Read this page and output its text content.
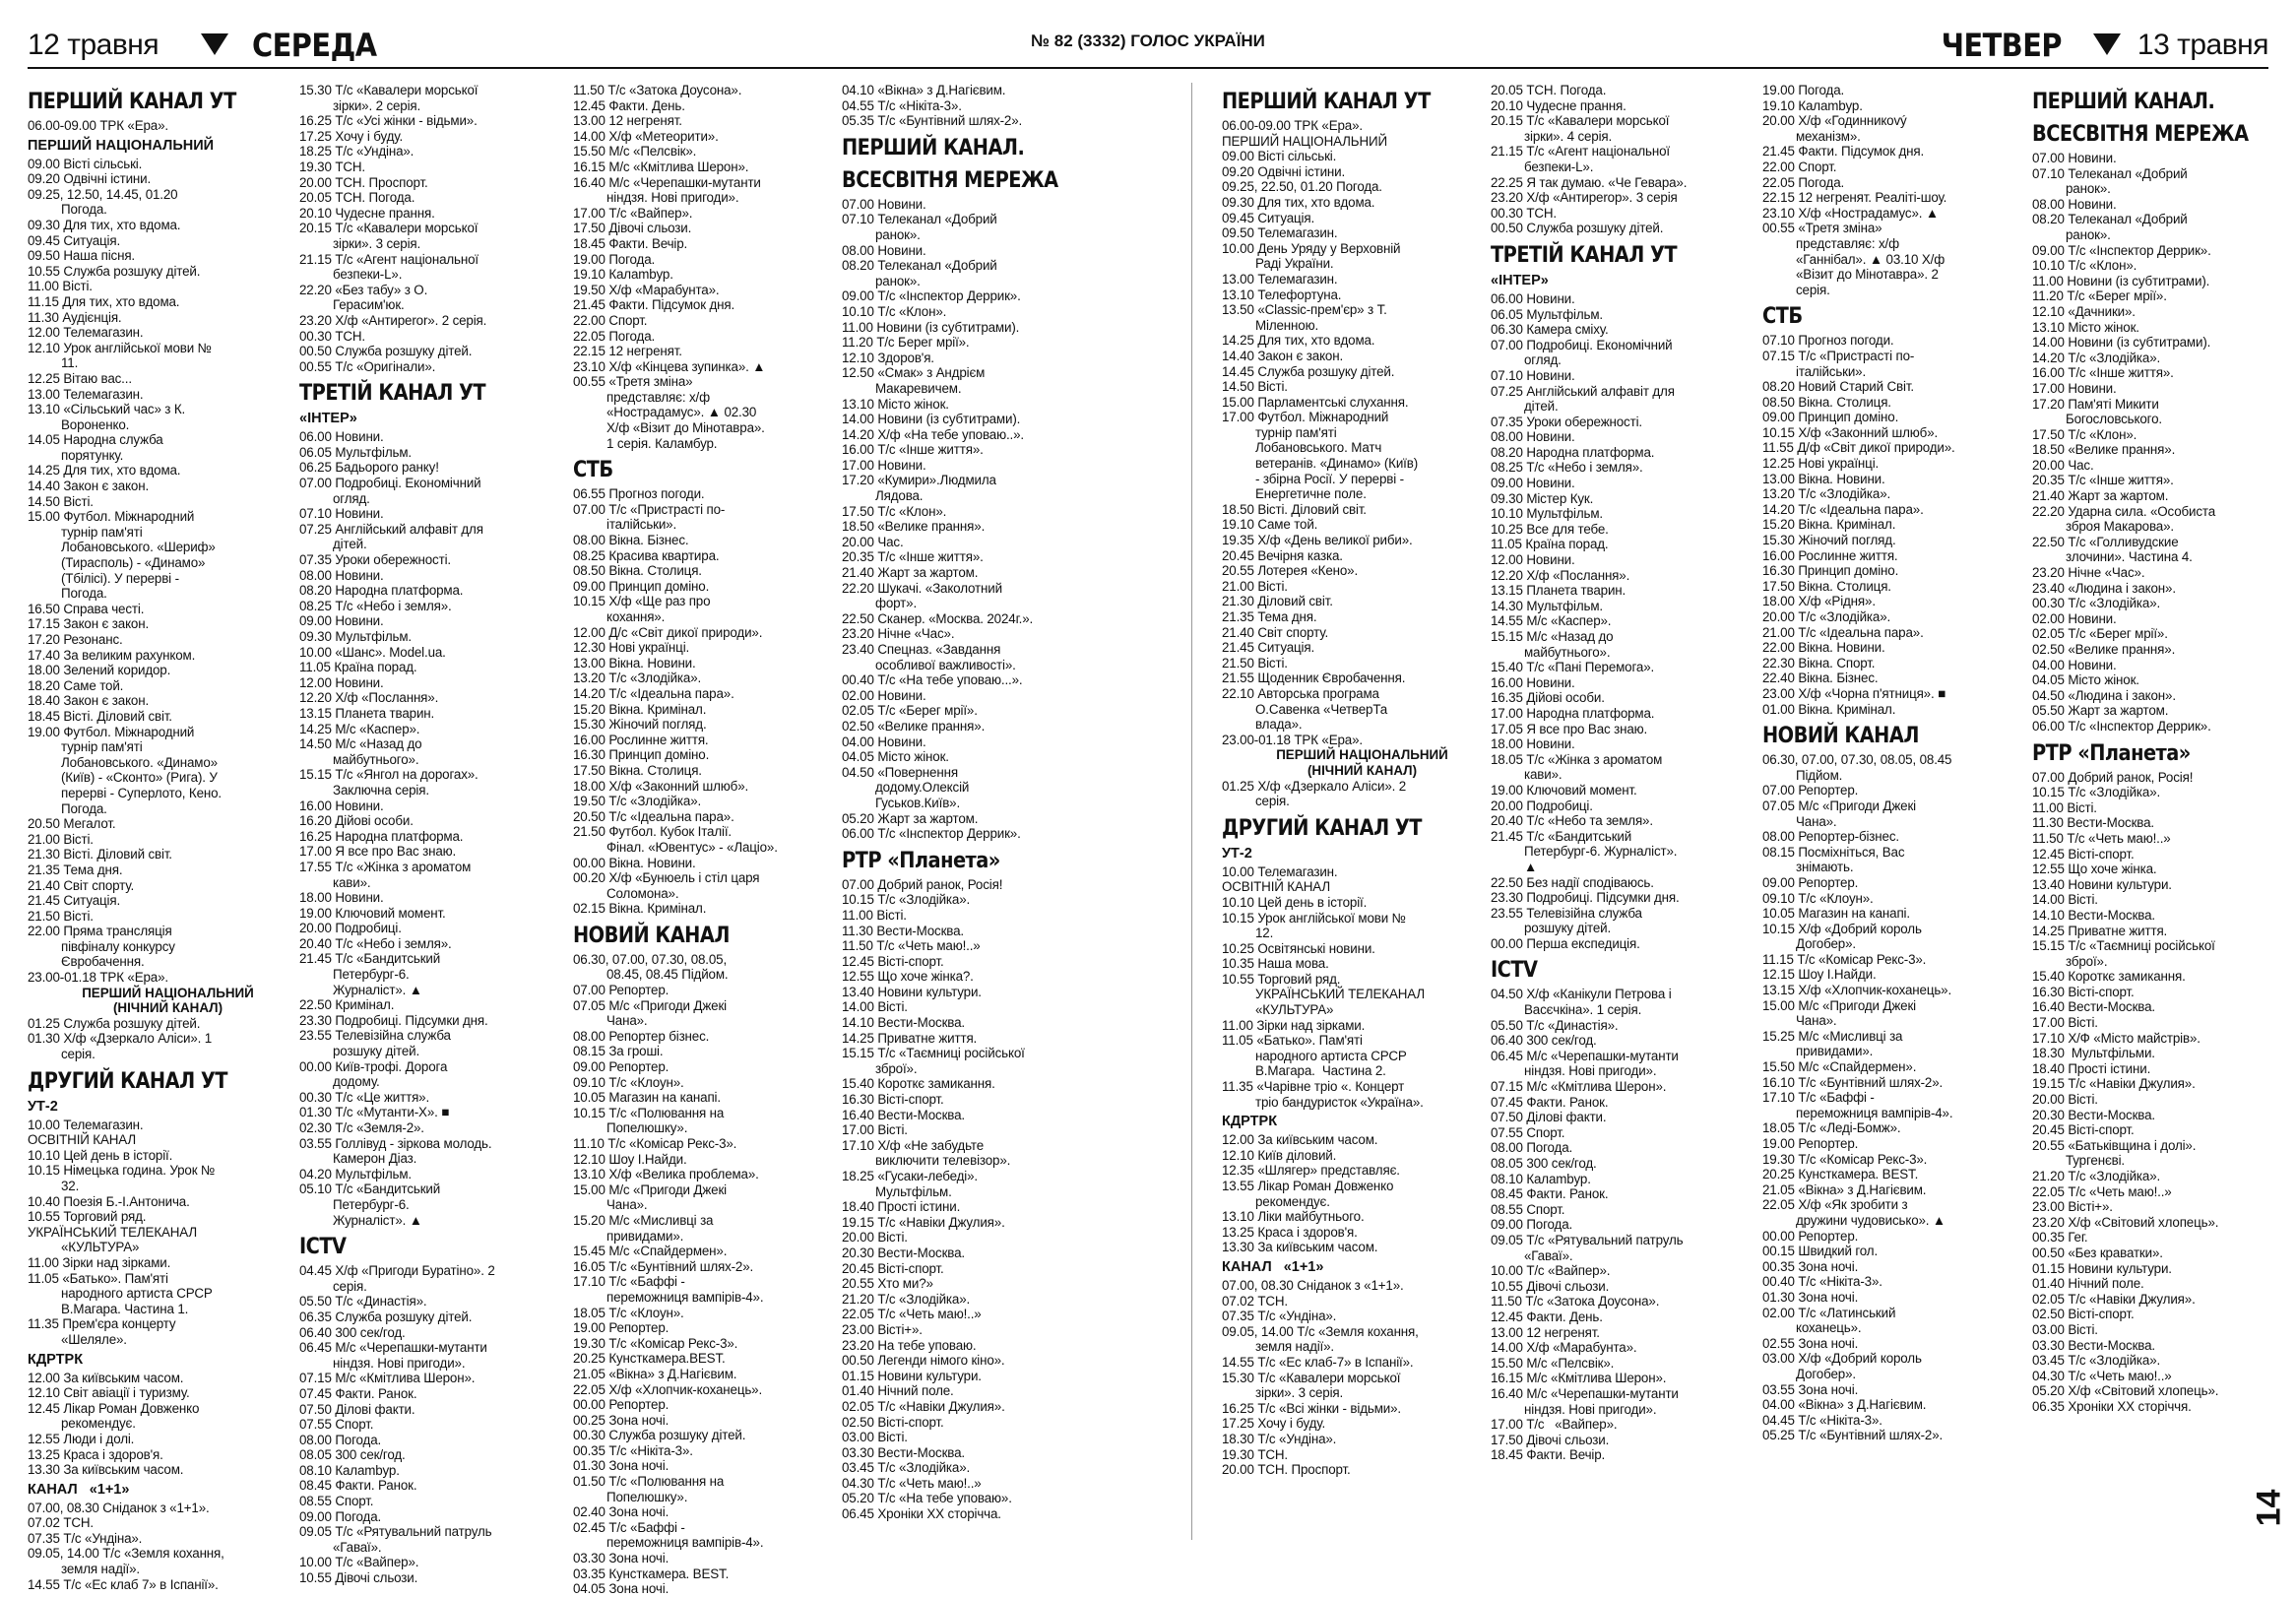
12 травня	СЕРЕДА	№ 82 (3332) ГОЛОС УКРАЇНИ	ЧЕТВЕР	13 травня
ПЕРШИЙ КАНАЛ УТ
06.00-09.00 ТРК «Ера».
ПЕРШИЙ НАЦІОНАЛЬНИЙ
09.00 Вісті сільські.
09.20 Одвічні істини.
09.25, 12.50, 14.45, 01.20
Погода.
09.30 Для тих, хто вдома.
09.45 Ситуація.
09.50 Наша пісня.
10.55 Служба розшуку дітей.
11.00 Вісті.
11.15 Для тих, хто вдома.
11.30 Аудієнція.
12.00 Телемагазин.
12.10 Урок англійської мови №
11.
12.25 Вітаю вас...
13.00 Телемагазин.
13.10 «Сільський час» з К.
Вороненко.
14.05 Народна служба
порятунку.
14.25 Для тих, хто вдома.
14.40 Закон є закон.
14.50 Вісті.
15.00 Футбол. Міжнародний
турнір пам'яті
Лобановського. «Шериф»
(Тирасполь) - «Динамо»
(Тбілісі). У перерві -
Погода.
16.50 Справа честі.
17.15 Закон є закон.
17.20 Резонанс.
17.40 За великим рахунком.
18.00 Зелений коридор.
18.20 Саме той.
18.40 Закон є закон.
18.45 Вісті. Діловий світ.
19.00 Футбол. Міжнародний
турнір пам'яті
Лобановського. «Динамо»
(Київ) - «Сконто» (Рига). У
перерві - Суперлото, Кено.
Погода.
20.50 Мегалот.
21.00 Вісті.
21.30 Вісті. Діловий світ.
21.35 Тема дня.
21.40 Світ спорту.
21.45 Ситуація.
21.50 Вісті.
22.00 Пряма трансляція
півфіналу конкурсу
Євробачення.
23.00-01.18 ТРК «Ера».
ПЕРШИЙ НАЦІОНАЛЬНИЙ
(НІЧНИЙ КАНАЛ)
01.25 Служба розшуку дітей.
01.30 Х/ф «Дзеркало Аліси». 1
серія.
ДРУГИЙ КАНАЛ УТ
УТ-2
10.00 Телемагазин.
ОСВІТНІЙ КАНАЛ
10.10 Цей день в історії.
10.15 Німецька година. Урок №
32.
10.40 Поезія Б.-І.Антонича.
10.55 Торговий ряд.
УКРАЇНСЬКИЙ ТЕЛЕКАНАЛ
«КУЛЬТУРА»
11.00 Зірки над зірками.
11.05 «Батько». Пам'яті
народного артиста СРСР
В.Магара. Частина 1.
11.35 Прем'єра концерту
«Шеляле».
КДРТРК
12.00 За київським часом.
12.10 Світ авіації і туризму.
12.45 Лікар Роман Довженко
рекомендує.
12.55 Люди і долі.
13.25 Краса і здоров'я.
13.30 За київським часом.
КАНАЛ   «1+1»
07.00, 08.30 Сніданок з «1+1».
07.02 ТСН.
07.35 Т/с «Ундіна».
09.05, 14.00 Т/с «Земля кохання,
земля надії».
14.55 Т/с «Ес клаб 7» в Іспанії».
15.30 Т/с «Кавалери морської
зірки». 2 серія.
16.25 Т/с «Усі жінки - відьми».
17.25 Хочу і буду.
18.25 Т/с «Ундіна».
19.30 ТСН.
20.00 ТСН. Проспорт.
20.05 ТСН. Погода.
20.10 Чудесне прання.
20.15 Т/с «Кавалери морської
зірки». 3 серія.
21.15 Т/с «Агент національної
безпеки-L».
22.20 «Без табу» з О.
Герасим'юк.
23.20 Х/ф «Антиреror». 2 серія.
00.30 ТСН.
00.50 Служба розшуку дітей.
00.55 Т/с «Оригінали».
ТРЕТІЙ КАНАЛ УТ
«ІНТЕР»
06.00 Новини.
06.05 Мультфільм.
06.25 Бадьорого ранку!
07.00 Подробиці. Економічний
огляд.
07.10 Новини.
07.25 Англійський алфавіт для
дітей.
07.35 Уроки обережності.
08.00 Новини.
08.20 Народна платформа.
08.25 Т/с «Небо і земля».
09.00 Новини.
09.30 Мультфільм.
10.00 «Шанс». Model.ua.
11.05 Країна порад.
12.00 Новини.
12.20 Х/ф «Послання».
13.15 Планета тварин.
14.25 М/с «Каспер».
14.50 М/с «Назад до
майбутнього».
15.15 Т/с «Янгол на дорогах».
Заключна серія.
16.00 Новини.
16.20 Дійові особи.
16.25 Народна платформа.
17.00 Я все про Вас знаю.
17.55 Т/с «Жінка з ароматом
кави».
18.00 Новини.
19.00 Ключовий момент.
20.00 Подробиці.
20.40 Т/с «Небо і земля».
21.45 Т/с «Бандитський
Петербург-6.
Журналіст». ▲
22.50 Кримінал.
23.30 Подробиці. Підсумки дня.
23.55 Телевізійна служба
розшуку дітей.
00.00 Київ-трофі. Дорога
додому.
00.30 Т/с «Це життя».
01.30 Т/с «Мутанти-Х». ■
02.30 Т/с «Земля-2».
03.55 Голлівуд - зіркова молодь.
Камерон Діаз.
04.20 Мультфільм.
05.10 Т/с «Бандитський
Петербург-6.
Журналіст». ▲
ICTV
04.45 Х/ф «Пригоди Буратіно». 2
серія.
05.50 Т/с «Династія».
06.35 Служба розшуку дітей.
06.40 300 сек/год.
06.45 М/с «Черепашки-мутанти
ніндзя. Нові пригоди».
07.15 М/с «Кмітлива Шерон».
07.45 Факти. Ранок.
07.50 Ділові факти.
07.55 Спорт.
08.00 Погода.
08.05 300 сек/год.
08.10 Калambур.
08.45 Факти. Ранок.
08.55 Спорт.
09.00 Погода.
09.05 Т/с «Рятувальний патруль
«Гаваї».
10.00 Т/с «Вайпер».
10.55 Дівочі сльози.
11.50 Т/с «Затока Доусона».
12.45 Факти. День.
13.00 12 негренят.
14.00 Х/ф «Метеорити».
15.50 М/с «Пелсвік».
16.15 М/с «Кмітлива Шерон».
16.40 М/с «Черепашки-мутанти
ніндзя. Нові пригоди».
17.00 Т/с «Вайпер».
17.50 Дівочі сльози.
18.45 Факти. Вечір.
19.00 Погода.
19.10 Калambур.
19.50 Х/ф «Марабунта».
21.45 Факти. Підсумок дня.
22.00 Спорт.
22.05 Погода.
22.15 12 негренят.
23.10 Х/ф «Кінцева зупинка». ▲
00.55 «Третя зміна»
представляє: х/ф
«Нострадамус». ▲ 02.30
Х/ф «Візит до Мінотавра».
1 серія. Каламбур.
СТБ
06.55 Прогноз погоди.
07.00 Т/с «Пристрасті по-
італійськи».
08.00 Вікна. Бізнес.
08.25 Красива квартира.
08.50 Вікна. Столиця.
09.00 Принцип доміно.
10.15 Х/ф «Ще раз про
кохання».
12.00 Д/с «Світ дикої природи».
12.30 Нові українці.
13.00 Вікна. Новини.
13.20 Т/с «Злодійка».
14.20 Т/с «Ідеальна пара».
15.20 Вікна. Кримінал.
15.30 Жіночий погляд.
16.00 Рослинне життя.
16.30 Принцип доміно.
17.50 Вікна. Столиця.
18.00 Х/ф «Законний шлюб».
19.50 Т/с «Злодійка».
20.50 Т/с «Ідеальна пара».
21.50 Футбол. Кубок Італії.
Фінал. «Ювентус» - «Лаціо».
00.00 Вікна. Новини.
00.20 Х/ф «Бунюель і стіл царя
Соломона».
02.15 Вікна. Кримінал.
НОВИЙ КАНАЛ
06.30, 07.00, 07.30, 08.05,
08.45, 08.45 Підйом.
07.00 Репортер.
07.05 М/с «Пригоди Джекі
Чана».
08.00 Репортер бізнес.
08.15 За гроші.
09.00 Репортер.
09.10 Т/с «Клоун».
10.05 Магазин на канапі.
10.15 Т/с «Полювання на
Попелюшку».
11.10 Т/с «Комісар Рекс-3».
12.10 Шоу І.Найди.
13.10 Х/ф «Велика проблема».
15.00 М/с «Пригоди Джекі
Чана».
15.20 М/с «Мисливці за
привидами».
15.45 М/с «Спайдермен».
16.05 Т/с «Бунтівний шлях-2».
17.10 Т/с «Баффі -
переможниця вампірів-4».
18.05 Т/с «Клоун».
19.00 Репортер.
19.30 Т/с «Комісар Рекс-3».
20.25 Кунсткамера.BEST.
21.05 «Вікна» з Д.Нагієвим.
22.05 Х/ф «Хлопчик-коханець».
00.00 Репортер.
00.25 Зона ночі.
00.30 Служба розшуку дітей.
00.35 Т/с «Нікіта-3».
01.30 Зона ночі.
01.50 Т/с «Полювання на
Попелюшку».
02.40 Зона ночі.
02.45 Т/с «Баффі -
переможниця вампірів-4».
03.30 Зона ночі.
03.35 Кунсткамера. BEST.
04.05 Зона ночі.
04.10 «Вікна» з Д.Нагієвим.
04.55 Т/с «Нікіта-3».
05.35 Т/с «Бунтівний шлях-2».
ПЕРШИЙ КАНАЛ.
ВСЕСВІТНЯ МЕРЕЖА
07.00 Новини.
07.10 Телеканал «Добрий
ранок».
08.00 Новини.
08.20 Телеканал «Добрий
ранок».
09.00 Т/с «Інспектор Деррик».
10.10 Т/с «Клон».
11.00 Новини (із субтитрами).
11.20 Т/с Берег мрії».
12.10 Здоров'я.
12.50 «Смак» з Андрієм
Макаревичем.
13.10 Місто жінок.
14.00 Новини (із субтитрами).
14.20 Х/ф «На тебе уповаю..».
16.00 Т/с «Інше життя».
17.00 Новини.
17.20 «Кумири».Людмила
Лядова.
17.50 Т/с «Клон».
18.50 «Велике прання».
20.00 Час.
20.35 Т/с «Інше життя».
21.40 Жарт за жартом.
22.20 Шукачі. «Заколотний
форт».
22.50 Сканер. «Москва. 2024г.».
23.20 Нічне «Час».
23.40 Спецназ. «Завдання
особливої важливості».
00.40 Т/с «На тебе уповаю...».
02.00 Новини.
02.05 Т/с «Берег мрії».
02.50 «Велике прання».
04.00 Новини.
04.05 Місто жінок.
04.50 «Повернення
додому.Олексій
Гуськов.Київ».
05.20 Жарт за жартом.
06.00 Т/с «Інспектор Деррик».
РТР «Планета»
07.00 Добрий ранок, Росія!
10.15 Т/с «Злодійка».
11.00 Вісті.
11.30 Вести-Москва.
11.50 Т/с «Четь маю!..»
12.45 Вісті-спорт.
12.55 Що хоче жінка?.
13.40 Новини культури.
14.00 Вісті.
14.10 Вести-Москва.
14.25 Приватне життя.
15.15 Т/с «Таємниці російської
зброї».
15.40 Короткє замикання.
16.30 Вісті-спорт.
16.40 Вести-Москва.
17.00 Вісті.
17.10 Х/ф «Не забудьте
виключити телевізор».
18.25 «Гусаки-лебеді».
Мультфільм.
18.40 Прості істини.
19.15 Т/с «Навіки Джулия».
20.00 Вісті.
20.30 Вести-Москва.
20.45 Вісті-спорт.
20.55 Хто ми?»
21.20 Т/с «Злодійка».
22.05 Т/с «Четь маю!..»
23.00 Вісті+».
23.20 На тебе уповаю.
00.50 Легенди німого кіно».
01.15 Новини культури.
01.40 Нічний поле.
02.05 Т/с «Навіки Джулия».
02.50 Вісті-спорт.
03.00 Вісті.
03.30 Вести-Москва.
03.45 Т/с «Злодійка».
04.30 Т/с «Четь маю!..»
05.20 Т/с «На тебе уповаю».
06.45 Хроніки XX сторічча.
ПЕРШИЙ КАНАЛ УТ
06.00-09.00 ТРК «Ера».
ПЕРШИЙ НАЦІОНАЛЬНИЙ
09.00 Вісті сільські.
09.20 Одвічні істини.
09.25, 22.50, 01.20 Погода.
09.30 Для тих, хто вдома.
09.45 Ситуація.
09.50 Телемагазин.
10.00 День Уряду у Верховній
Раді України.
13.00 Телемагазин.
13.10 Телефортуна.
13.50 «Classic-прем'єр» з Т.
Міленною.
14.25 Для тих, хто вдома.
14.40 Закон є закон.
14.45 Служба розшуку дітей.
14.50 Вісті.
15.00 Парламентські слухання.
17.00 Футбол. Міжнародний
турнір пам'яті
Лобановського. Матч
ветеранів. «Динамо» (Київ)
- збірна Росії. У перерві -
Енергетичне поле.
18.50 Вісті. Діловий світ.
19.10 Саме той.
19.35 Х/ф «День великої риби».
20.45 Вечірня казка.
20.55 Лотерея «Кено».
21.00 Вісті.
21.30 Діловий світ.
21.35 Тема дня.
21.40 Світ спорту.
21.45 Ситуація.
21.50 Вісті.
21.55 Щоденник Євробачення.
22.10 Авторська програма
О.Савенка «ЧетверТа
влада».
23.00-01.18 ТРК «Ера».
ПЕРШИЙ НАЦІОНАЛЬНИЙ
(НІЧНИЙ КАНАЛ)
01.25 Х/ф «Дзеркало Аліси». 2
серія.
ДРУГИЙ КАНАЛ УТ
УТ-2
10.00 Телемагазин.
ОСВІТНІЙ КАНАЛ
10.10 Цей день в історії.
10.15 Урок англійської мови №
12.
10.25 Освітянські новини.
10.35 Наша мова.
10.55 Торговий ряд.
УКРАЇНСЬКИЙ ТЕЛЕКАНАЛ
«КУЛЬТУРА»
11.00 Зірки над зірками.
11.05 «Батько». Пам'яті
народного артиста СРСР
В.Магара.  Частина 2.
11.35 «Чарівне тріо «. Концерт
тріо бандуристок «Україна».
КДРТРК
12.00 За київським часом.
12.10 Київ діловий.
12.35 «Шлягер» представляє.
13.55 Лікар Роман Довженко
рекомендує.
13.10 Ліки майбутнього.
13.25 Краса і здоров'я.
13.30 За київським часом.
КАНАЛ   «1+1»
07.00, 08.30 Сніданок з «1+1».
07.02 ТСН.
07.35 Т/с «Ундіна».
09.05, 14.00 Т/с «Земля кохання,
земля надії».
14.55 Т/с «Ес клаб-7» в Іспанії».
15.30 Т/с «Кавалери морської
зірки». 3 серія.
16.25 Т/с «Всі жінки - відьми».
17.25 Хочу і буду.
18.30 Т/с «Ундіна».
19.30 ТСН.
20.00 ТСН. Проспорт.
20.05 ТСН. Погода.
20.10 Чудесне прання.
20.15 Т/с «Кавалери морської
зірки». 4 серія.
21.15 Т/с «Агент національної
безпеки-L».
22.25 Я так думаю. «Че Гевара».
23.20 Х/ф «Антиреrор». 3 серія
00.30 ТСН.
00.50 Служба розшуку дітей.
ТРЕТІЙ КАНАЛ УТ
«ІНТЕР»
06.00 Новини.
06.05 Мультфільм.
06.30 Камера сміху.
07.00 Подробиці. Економічний
огляд.
07.10 Новини.
07.25 Англійський алфавіт для
дітей.
07.35 Уроки обережності.
08.00 Новини.
08.20 Народна платформа.
08.25 Т/с «Небо і земля».
09.00 Новини.
09.30 Містер Кук.
10.10 Мультфільм.
10.25 Все для тебе.
11.05 Країна порад.
12.00 Новини.
12.20 Х/ф «Послання».
13.15 Планета тварин.
14.30 Мультфільм.
14.55 М/с «Каспер».
15.15 М/с «Назад до
майбутнього».
15.40 Т/с «Пані Перемога».
16.00 Новини.
16.35 Дійові особи.
17.00 Народна платформа.
17.05 Я все про Вас знаю.
18.00 Новини.
18.05 Т/с «Жінка з ароматом
кави».
19.00 Ключовий момент.
20.00 Подробиці.
20.40 Т/с «Небо та земля».
21.45 Т/с «Бандитський
Петербург-6. Журналіст».
▲
22.50 Без надії сподіваюсь.
23.30 Подробиці. Підсумки дня.
23.55 Телевізійна служба
розшуку дітей.
00.00 Перша експедиція.
ICTV
04.50 Х/ф «Канікули Петрова і
Васєчкіна». 1 серія.
05.50 Т/с «Династія».
06.40 300 сек/год.
06.45 М/с «Черепашки-мутанти
ніндзя. Нові пригоди».
07.15 М/с «Кмітлива Шерон».
07.45 Факти. Ранок.
07.50 Ділові факти.
07.55 Спорт.
08.00 Погода.
08.05 300 сек/год.
08.10 Калambур.
08.45 Факти. Ранок.
08.55 Спорт.
09.00 Погода.
09.05 Т/с «Рятувальний патруль
«Гаваї».
10.00 Т/с «Вайпер».
10.55 Дівочі сльози.
11.50 Т/с «Затока Доусона».
12.45 Факти. День.
13.00 12 негренят.
14.00 Х/ф «Марабунта».
15.50 М/с «Пелсвік».
16.15 М/с «Кмітлива Шерон».
16.40 М/с «Черепашки-мутанти
ніндзя. Нові пригоди».
17.00 Т/с   «Вайпер».
17.50 Дівочі сльози.
18.45 Факти. Вечір.
19.00 Погода.
19.10 Калambур.
20.00 Х/ф «Годинникový
механізм».
21.45 Факти. Підсумок дня.
22.00 Спорт.
22.05 Погода.
22.15 12 негренят. Реаліті-шоу.
23.10 Х/ф «Нострадамус». ▲
00.55 «Третя зміна»
представляє: х/ф
«Ганнібал». ▲ 03.10 Х/ф
«Візит до Мінотавра». 2
серія.
СТБ
07.10 Прогноз погоди.
07.15 Т/с «Пристрасті по-
італійськи».
08.20 Новий Старий Світ.
08.50 Вікна. Столиця.
09.00 Принцип доміно.
10.15 Х/ф «Законний шлюб».
11.55 Д/ф «Світ дикої природи».
12.25 Нові українці.
13.00 Вікна. Новини.
13.20 Т/с «Злодійка».
14.20 Т/с «Ідеальна пара».
15.20 Вікна. Кримінал.
15.30 Жіночий погляд.
16.00 Рослинне життя.
16.30 Принцип доміно.
17.50 Вікна. Столиця.
18.00 Х/ф «Рідня».
20.00 Т/с «Злодійка».
21.00 Т/с «Ідеальна пара».
22.00 Вікна. Новини.
22.30 Вікна. Спорт.
22.40 Вікна. Бізнес.
23.00 Х/ф «Чорна п'ятниця». ■
01.00 Вікна. Кримінал.
НОВИЙ КАНАЛ
06.30, 07.00, 07.30, 08.05, 08.45
Підйом.
07.00 Репортер.
07.05 М/с «Пригоди Джекі
Чана».
08.00 Репортер-бізнес.
08.15 Посміхніться, Вас
знімають.
09.00 Репортер.
09.10 Т/с «Клоун».
10.05 Магазин на канапі.
10.15 Х/ф «Добрий король
Догобер».
11.15 Т/с «Комісар Рекс-3».
12.15 Шоу І.Найди.
13.15 Х/ф «Хлопчик-коханець».
15.00 М/с «Пригоди Джекі
Чана».
15.25 М/с «Мисливці за
привидами».
15.50 М/с «Спайдермен».
16.10 Т/с «Бунтівний шлях-2».
17.10 Т/с «Баффі -
переможниця вампірів-4».
18.05 Т/с «Леді-Бомж».
19.00 Репортер.
19.30 Т/с «Комісар Рекс-3».
20.25 Кунсткамера. BEST.
21.05 «Вікна» з Д.Нагієвим.
22.05 Х/ф «Як зробити з
дружини чудовисько». ▲
00.00 Репортер.
00.15 Швидкий гол.
00.35 Зона ночі.
00.40 Т/с «Нікіта-3».
01.30 Зона ночі.
02.00 Т/с «Латинський
коханець».
02.55 Зона ночі.
03.00 Х/ф «Добрий король
Догобер».
03.55 Зона ночі.
04.00 «Вікна» з Д.Нагієвим.
04.45 Т/с «Нікіта-3».
05.25 Т/с «Бунтівний шлях-2».
ПЕРШИЙ КАНАЛ.
ВСЕСВІТНЯ МЕРЕЖА
07.00 Новини.
07.10 Телеканал «Добрий
ранок».
08.00 Новини.
08.20 Телеканал «Добрий
ранок».
09.00 Т/с «Інспектор Деррик».
10.10 Т/с «Клон».
11.00 Новини (із субтитрами).
11.20 Т/с «Берег мрії».
12.10 «Дачники».
13.10 Місто жінок.
14.00 Новини (із субтитрами).
14.20 Т/с «Злодійка».
16.00 Т/с «Інше життя».
17.00 Новини.
17.20 Пам'яті Микити
Богословського.
17.50 Т/с «Клон».
18.50 «Велике прання».
20.00 Час.
20.35 Т/с «Інше життя».
21.40 Жарт за жартом.
22.20 Ударна сила. «Особиста
зброя Макарова».
22.50 Т/с «Голливудские
злочини». Частина 4.
23.20 Нічне «Час».
23.40 «Людина і закон».
00.30 Т/с «Злодійка».
02.00 Новини.
02.05 Т/с «Берег мрії».
02.50 «Велике прання».
04.00 Новини.
04.05 Місто жінок.
04.50 «Людина і закон».
05.50 Жарт за жартом.
06.00 Т/с «Інспектор Деррик».
РТР «Планета»
07.00 Добрий ранок, Росія!
10.15 Т/с «Злодійка».
11.00 Вісті.
11.30 Вести-Москва.
11.50 Т/с «Четь маю!..»
12.45 Вісті-спорт.
12.55 Що хоче жінка.
13.40 Новини культури.
14.00 Вісті.
14.10 Вести-Москва.
14.25 Приватне життя.
15.15 Т/с «Таємниці російської
зброї».
15.40 Короткє замикання.
16.30 Вісті-спорт.
16.40 Вести-Москва.
17.00 Вісті.
17.10 Х/Ф «Місто майстрів».
18.30  Мультфільми.
18.40 Прості істини.
19.15 Т/с «Навіки Джулия».
20.00 Вісті.
20.30 Вести-Москва.
20.45 Вісті-спорт.
20.55 «Батьківщина і долі».
Тургенєві.
21.20 Т/с «Злодійка».
22.05 Т/с «Четь маю!..»
23.00 Вісті+».
23.20 Х/ф «Світовий хлопець».
00.35 Гег.
00.50 «Без краватки».
01.15 Новини культури.
01.40 Нічний поле.
02.05 Т/с «Навіки Джулия».
02.50 Вісті-спорт.
03.00 Вісті.
03.30 Вести-Москва.
03.45 Т/с «Злодійка».
04.30 Т/с «Четь маю!..»
05.20 Х/ф «Світовий хлопець».
06.35 Хроніки XX сторіччя.
14
